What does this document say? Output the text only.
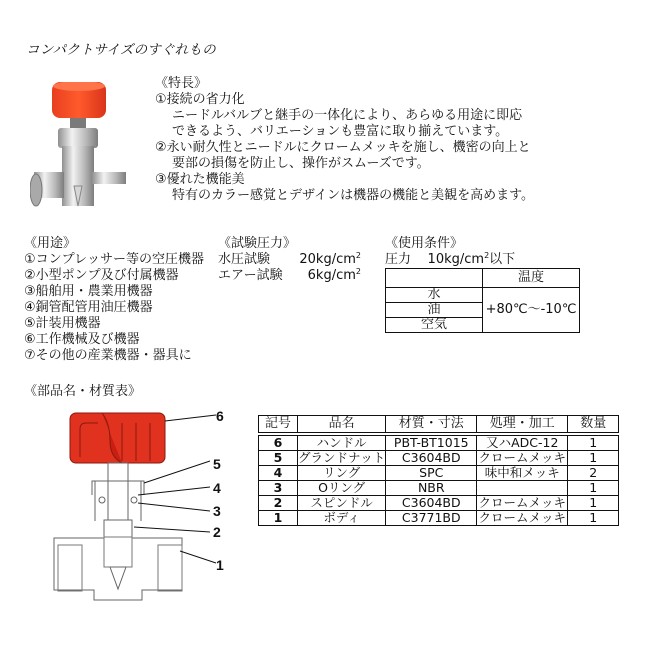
コンパクトサイズのすぐれもの
《特長》
①接続の省力化
ニードルバルブと継手の一体化により、あらゆる用途に即応
できるよう、バリエーションも豊富に取り揃えています。
②永い耐久性とニードルにクロームメッキを施し、機密の向上と
要部の損傷を防止し、操作がスムーズです。
③優れた機能美
特有のカラー感覚とデザインは機器の機能と美観を高めます。
《用途》
①コンプレッサー等の空圧機器
②小型ポンプ及び付属機器
③船舶用・農業用機器
④銅管配管用油圧機器
⑤計装用機器
⑥工作機械及び機器
⑦その他の産業機器・器具に
《試験圧力》
水圧試験	$20kg/cm^2$
エアー試験	$6kg/cm^2$
《使用条件》
圧力 $10kg/cm^2$以下
	温度
水	+80℃～-10℃
油	
空気	
《部品名・材質表》
6
5
4
3
2
1
記号	品名	材質・寸法	処理・加工	数量
6	ハンドル	PBT-BT1015	又ハADC-12	1
5	グランドナット	C3604BD	クロームメッキ	1
4	リング	SPC	味中和メッキ	2
3	Oリング	NBR		1
2	スピンドル	C3604BD	クロームメッキ	1
1	ボディ	C3771BD	クロームメッキ	1
